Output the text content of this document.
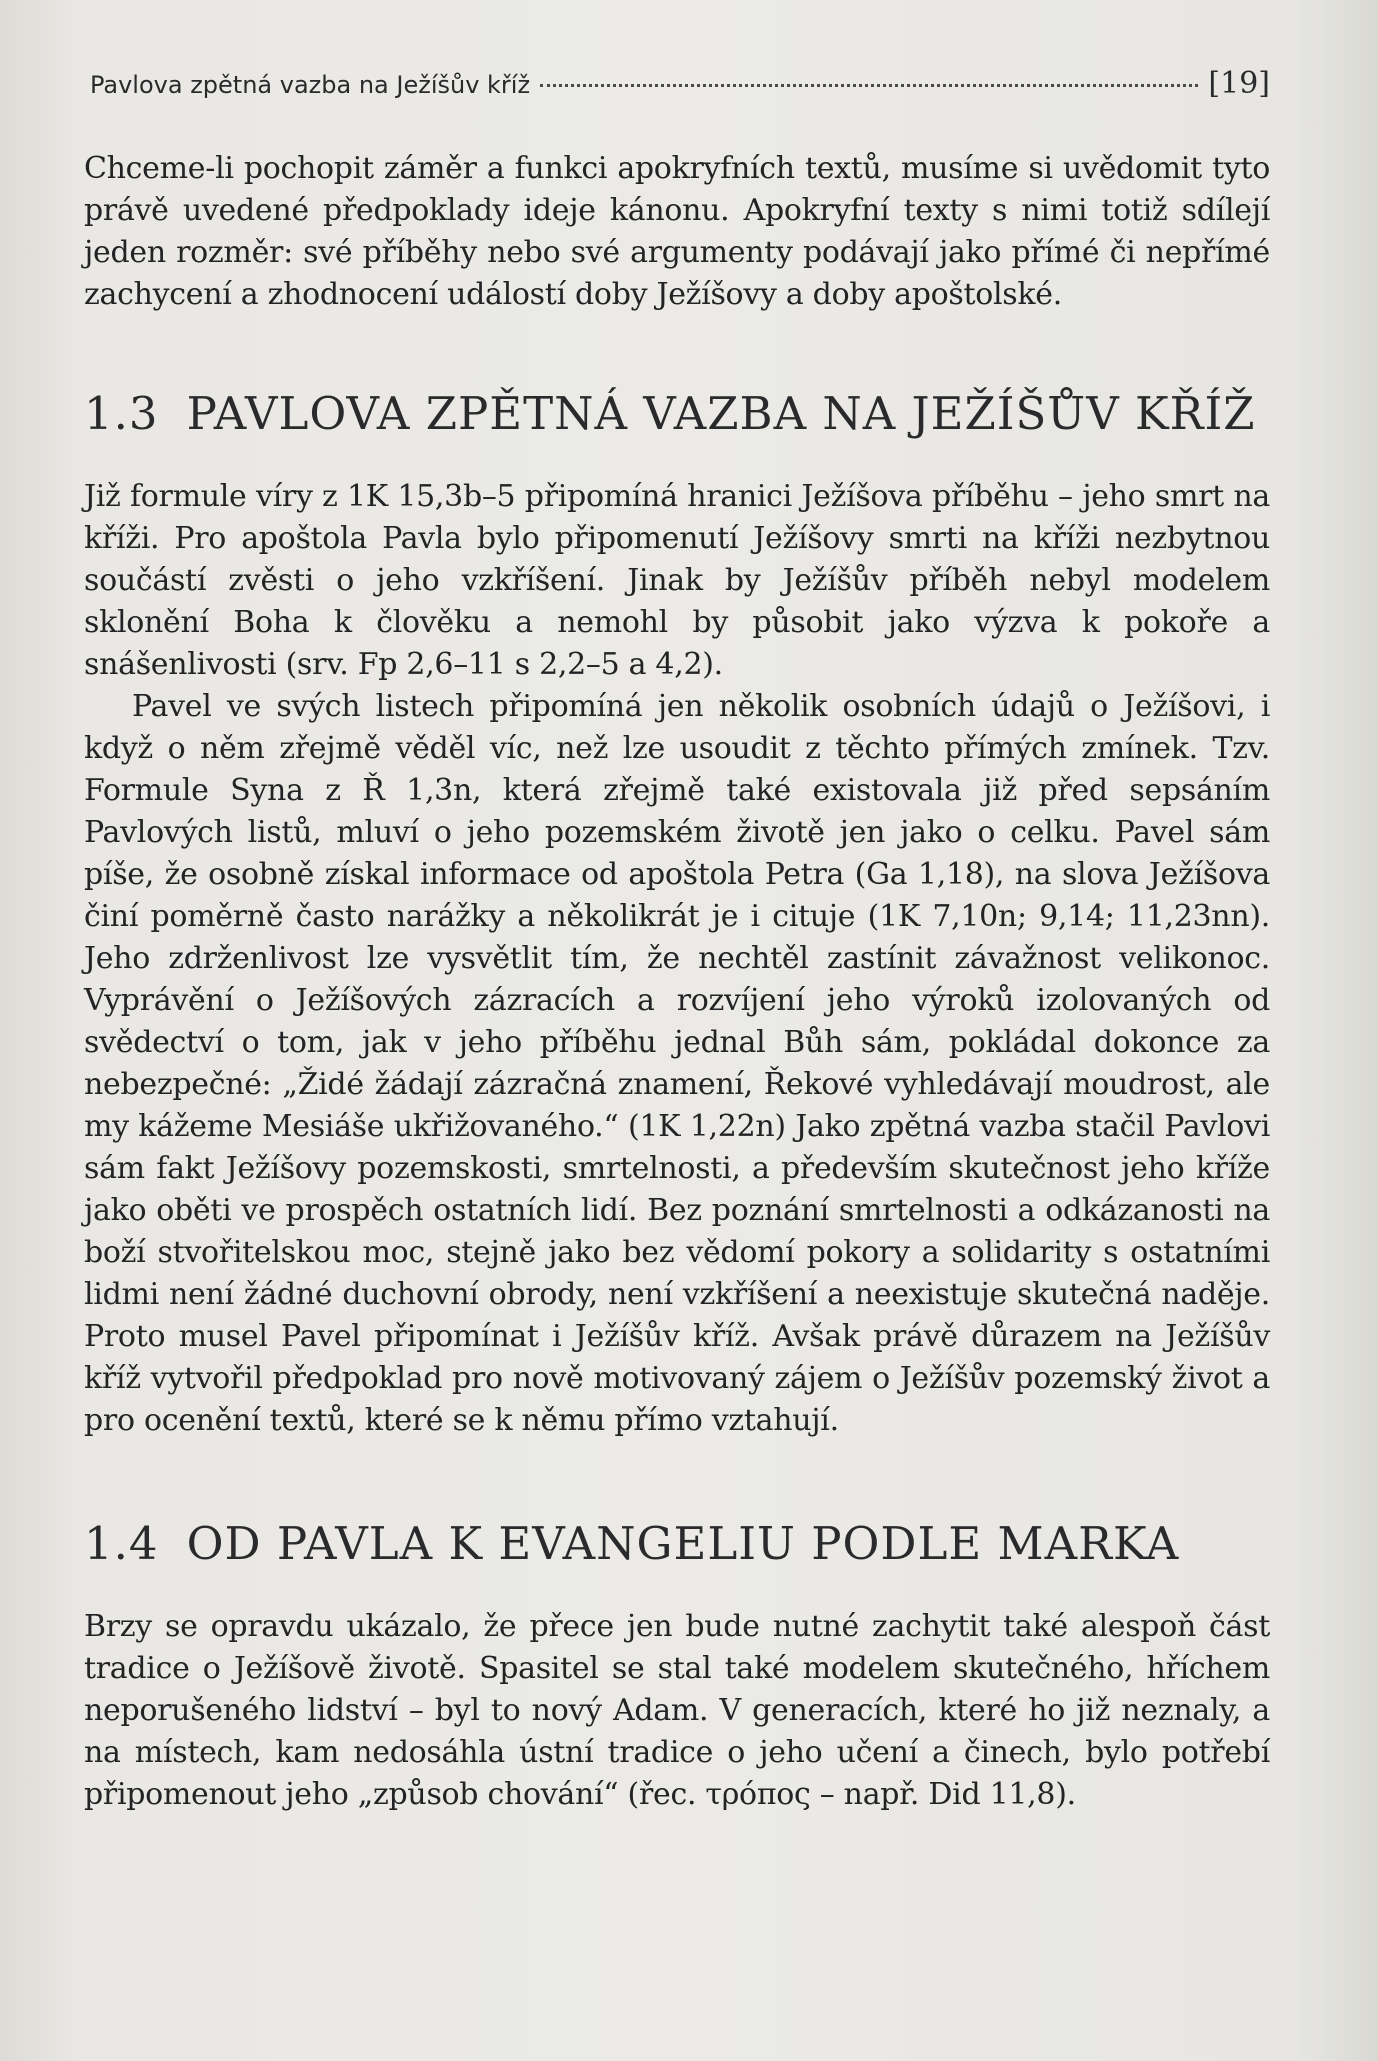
Pavlova zpětná vazba na Ježíšův kříž	[19]

Chceme-li pochopit záměr a funkci apokryfních textů, musíme si uvědomit tyto právě uvedené předpoklady ideje kánonu. Apokryfní texty s nimi totiž sdílejí jeden rozměr: své příběhy nebo své argumenty podávají jako přímé či nepřímé zachycení a zhodnocení událostí doby Ježíšovy a doby apoštolské.

1.3 PAVLOVA ZPĚTNÁ VAZBA NA JEŽÍŠŮV KŘÍŽ

Již formule víry z 1K 15,3b–5 připomíná hranici Ježíšova příběhu – jeho smrt na kříži. Pro apoštola Pavla bylo připomenutí Ježíšovy smrti na kříži nezbytnou součástí zvěsti o jeho vzkříšení. Jinak by Ježíšův příběh nebyl modelem sklonění Boha k člověku a nemohl by působit jako výzva k pokoře a snášenlivosti (srv. Fp 2,6–11 s 2,2–5 a 4,2).

Pavel ve svých listech připomíná jen několik osobních údajů o Ježíšovi, i když o něm zřejmě věděl víc, než lze usoudit z těchto přímých zmínek. Tzv. Formule Syna z Ř 1,3n, která zřejmě také existovala již před sepsáním Pavlových listů, mluví o jeho pozemském životě jen jako o celku. Pavel sám píše, že osobně získal informace od apoštola Petra (Ga 1,18), na slova Ježíšova činí poměrně často narážky a několikrát je i cituje (1K 7,10n; 9,14; 11,23nn). Jeho zdrženlivost lze vysvětlit tím, že nechtěl zastínit závažnost velikonoc. Vyprávění o Ježíšových zázracích a rozvíjení jeho výroků izolovaných od svědectví o tom, jak v jeho příběhu jednal Bůh sám, pokládal dokonce za nebezpečné: „Židé žádají zázračná znamení, Řekové vyhledávají moudrost, ale my kážeme Mesiáše ukřižovaného.“ (1K 1,22n) Jako zpětná vazba stačil Pavlovi sám fakt Ježíšovy pozemskosti, smrtelnosti, a především skutečnost jeho kříže jako oběti ve prospěch ostatních lidí. Bez poznání smrtelnosti a odkázanosti na boží stvořitelskou moc, stejně jako bez vědomí pokory a solidarity s ostatními lidmi není žádné duchovní obrody, není vzkříšení a neexistuje skutečná naděje. Proto musel Pavel připomínat i Ježíšův kříž. Avšak právě důrazem na Ježíšův kříž vytvořil předpoklad pro nově motivovaný zájem o Ježíšův pozemský život a pro ocenění textů, které se k němu přímo vztahují.

1.4 OD PAVLA K EVANGELIU PODLE MARKA

Brzy se opravdu ukázalo, že přece jen bude nutné zachytit také alespoň část tradice o Ježíšově životě. Spasitel se stal také modelem skutečného, hříchem neporušeného lidství – byl to nový Adam. V generacích, které ho již neznaly, a na místech, kam nedosáhla ústní tradice o jeho učení a činech, bylo potřebí připomenout jeho „způsob chování“ (řec. τρόπος – např. Did 11,8).
